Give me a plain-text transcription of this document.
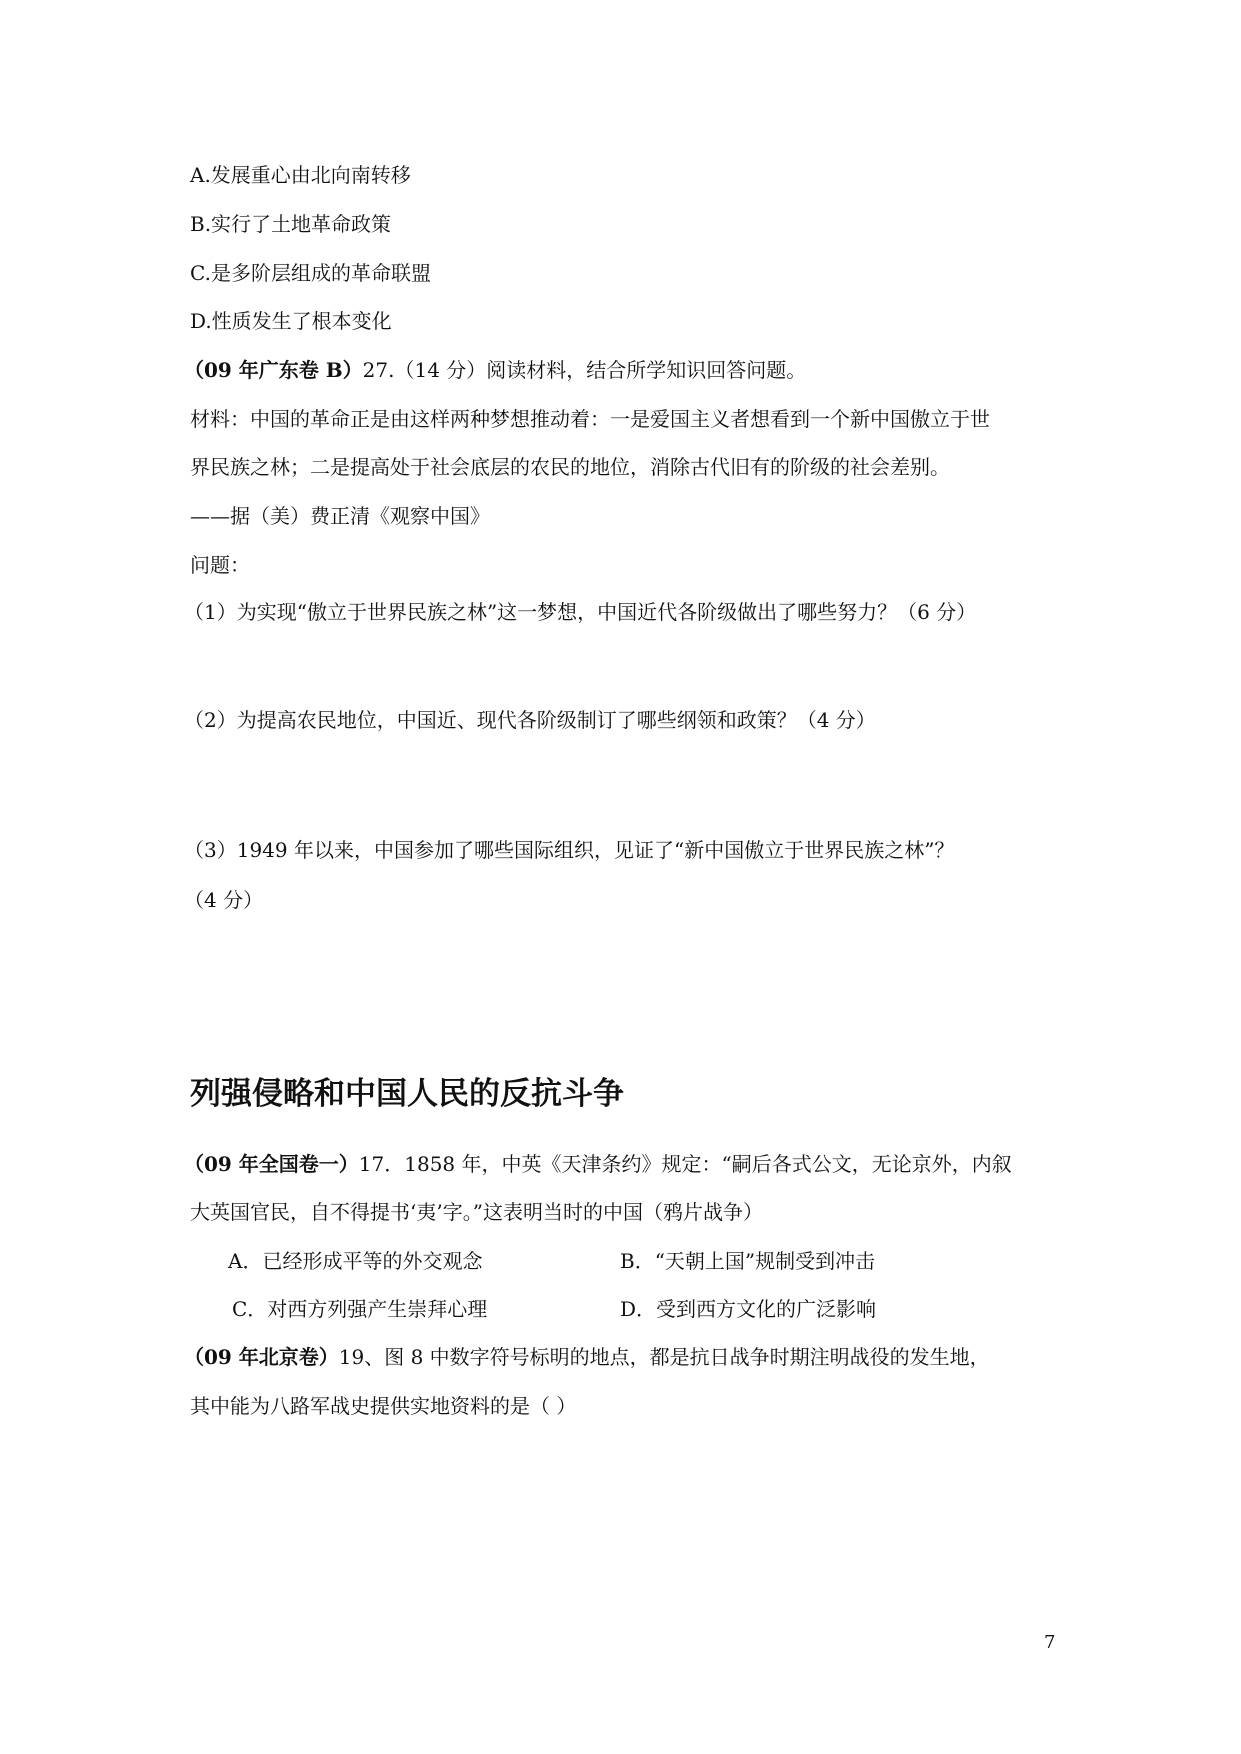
A.发展重心由北向南转移
B.实行了土地革命政策
C.是多阶层组成的革命联盟
D.性质发生了根本变化
（09 年广东卷 B）27.（14 分）阅读材料，结合所学知识回答问题。
材料：中国的革命正是由这样两种梦想推动着：一是爱国主义者想看到一个新中国傲立于世
界民族之林；二是提高处于社会底层的农民的地位，消除古代旧有的阶级的社会差别。
——据（美）费正清《观察中国》
问题：
（1）为实现“傲立于世界民族之林”这一梦想，中国近代各阶级做出了哪些努力？（6 分）
（2）为提高农民地位，中国近、现代各阶级制订了哪些纲领和政策？（4 分）
（3）1949 年以来，中国参加了哪些国际组织，见证了“新中国傲立于世界民族之林”？
（4 分）
列强侵略和中国人民的反抗斗争
（09 年全国卷一）17．1858 年，中英《天津条约》规定：“嗣后各式公文，无论京外，内叙
大英国官民，自不得提书‘夷’字。”这表明当时的中国（鸦片战争）
A．已经形成平等的外交观念	B．“天朝上国”规制受到冲击
C．对西方列强产生崇拜心理	D．受到西方文化的广泛影响
（09 年北京卷）19、图 8 中数字符号标明的地点，都是抗日战争时期注明战役的发生地，
其中能为八路军战史提供实地资料的是（ ）
7
